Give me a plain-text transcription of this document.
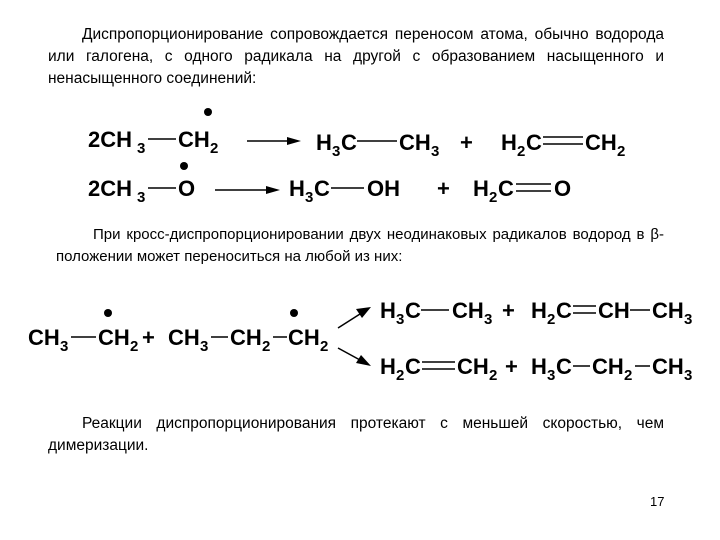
Диспропорционирование сопровождается переносом атома, обычно водорода или галогена, с одного радикала на другой с образованием насыщенного и ненасыщенного соединений:
2CH 3 CH 2	H 3 C CH 3 + H 2 C CH 2
2CH 3 O	H 3 C OH + H 2 C O
CH 3 CH 2 + CH 3 CH 2 CH 2
H 3 C CH 3 + H 2 C CH CH 3
H 2 C CH 2 + H 3 C CH 2 CH 3
При кросс-диспропорционировании двух неодинаковых радикалов водород в β-положении может переноситься на любой из них:
Реакции диспропорционирования протекают с меньшей скоростью, чем димеризации.
17
